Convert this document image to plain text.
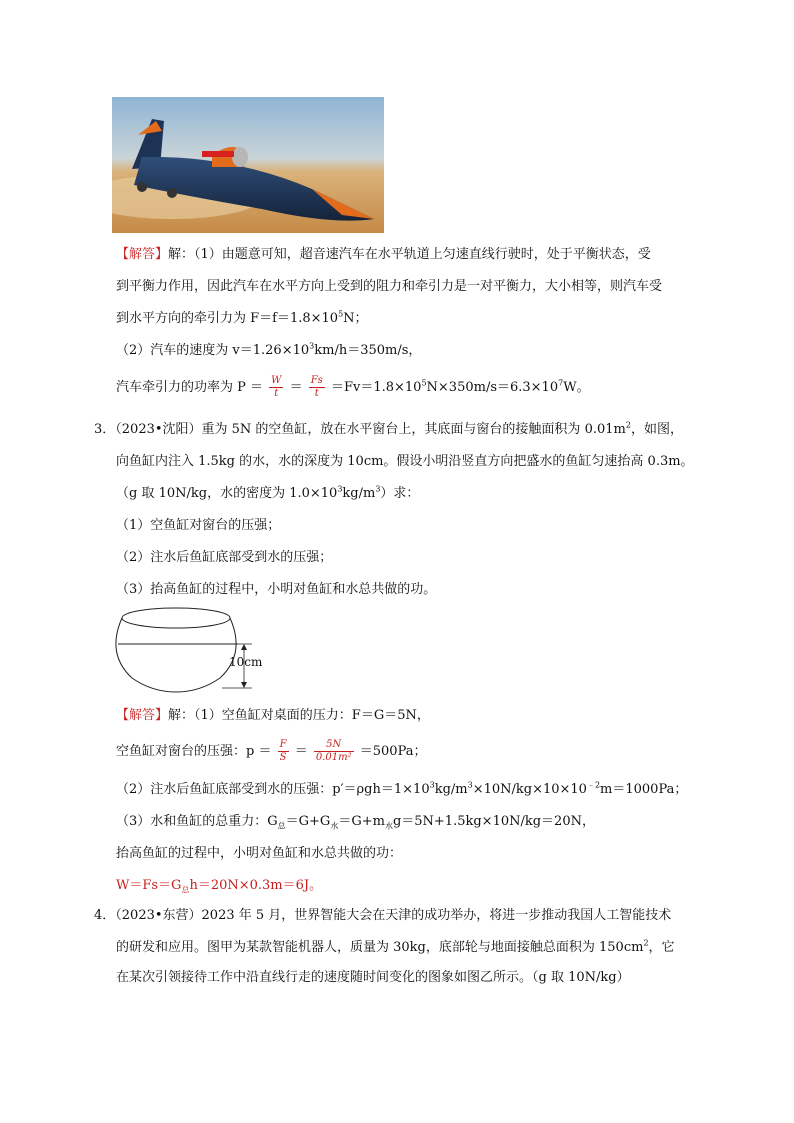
【解答】解：（1）由题意可知，超音速汽车在水平轨道上匀速直线行驶时，处于平衡状态，受
到平衡力作用，因此汽车在水平方向上受到的阻力和牵引力是一对平衡力，大小相等，则汽车受
到水平方向的牵引力为 $F=f=1.8\times 10^5N$；
（2）汽车的速度为 $v=1.26\times 10^3km/h=350m/s$，
汽车牵引力的功率为 $P = \frac{W}{t} = \frac{Fs}{t} =Fv=1.8\times 10^5N\times 350m/s=6.3\times 10^7W$。
3．（2023•沈阳）重为 5N 的空鱼缸，放在水平窗台上，其底面与窗台的接触面积为 $0.01m^2$，如图，
向鱼缸内注入 1.5kg 的水，水的深度为 10cm。假设小明沿竖直方向把盛水的鱼缸匀速抬高 0.3m。
（g 取 10N/kg，水的密度为 $1.0\times 10^3kg/m^3$）求：
（1）空鱼缸对窗台的压强；
（2）注水后鱼缸底部受到水的压强；
（3）抬高鱼缸的过程中，小明对鱼缸和水总共做的功。
10cm
【解答】解：（1）空鱼缸对桌面的压力：F＝G＝5N，
空鱼缸对窗台的压强：$p = \frac{F}{S} = \frac{5N}{\text{0.01m²}} =500Pa$；
（2）注水后鱼缸底部受到水的压强：$p'=\rho gh=1\times 10^3kg/m^3\times 10N/kg\times 10\times 10^{﹣2}m=1000Pa$；
（3）水和鱼缸的总重力：$G_总=G+G_水=G+m_水g=5N+1.5kg\times 10N/kg=20N$，
抬高鱼缸的过程中，小明对鱼缸和水总共做的功：
$W=Fs=G_总h=20N\times 0.3m=6J$。
4．（2023•东营）2023 年 5 月，世界智能大会在天津的成功举办，将进一步推动我国人工智能技术
的研发和应用。图甲为某款智能机器人，质量为 30kg，底部轮与地面接触总面积为 $150cm^2$，它
在某次引领接待工作中沿直线行走的速度随时间变化的图象如图乙所示。（g 取 10N/kg）
